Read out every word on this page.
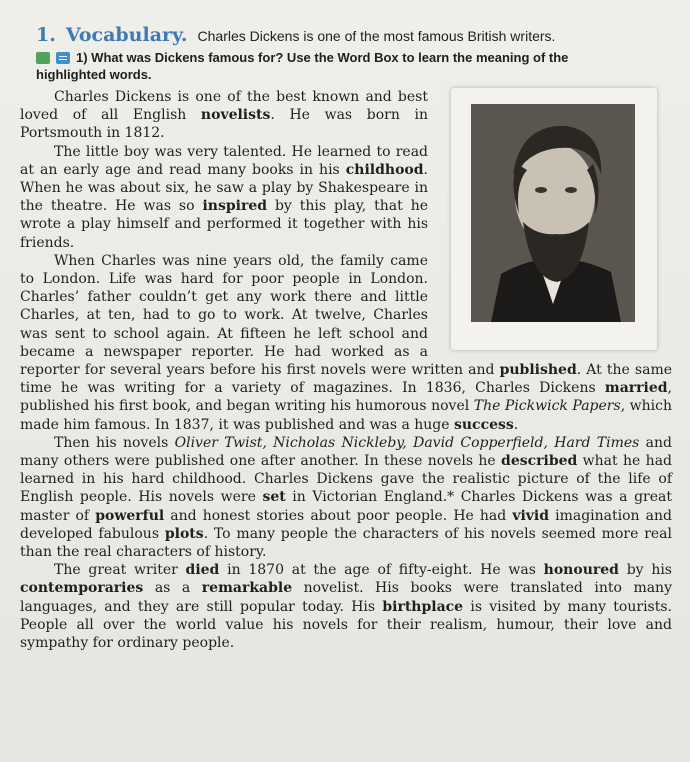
1. Vocabulary. Charles Dickens is one of the most famous British writers.
1) What was Dickens famous for? Use the Word Box to learn the meaning of the
highlighted words.

Charles Dickens is one of the best known and best loved of all English novelists. He was born in Portsmouth in 1812.

The little boy was very talented. He learned to read at an early age and read many books in his childhood. When he was about six, he saw a play by Shakespeare in the theatre. He was so inspired by this play, that he wrote a play himself and performed it together with his friends.

When Charles was nine years old, the family came to London. Life was hard for poor people in London. Charles’ father couldn’t get any work there and little Charles, at ten, had to go to work. At twelve, Charles was sent to school again. At fifteen he left school and became a newspaper reporter. He had worked as a reporter for several years before his first novels were written and published. At the same time he was writing for a variety of magazines. In 1836, Charles Dickens married, published his first book, and began writing his humorous novel The Pickwick Papers, which made him famous. In 1837, it was published and was a huge success.

Then his novels Oliver Twist, Nicholas Nickleby, David Copperfield, Hard Times and many others were published one after another. In these novels he described what he had learned in his hard childhood. Charles Dickens gave the realistic picture of the life of English people. His novels were set in Victorian England.* Charles Dickens was a great master of powerful and honest stories about poor people. He had vivid imagination and developed fabulous plots. To many people the characters of his novels seemed more real than the real characters of history.

The great writer died in 1870 at the age of fifty-eight. He was honoured by his contemporaries as a remarkable novelist. His books were translated into many languages, and they are still popular today. His birthplace is visited by many tourists. People all over the world value his novels for their realism, humour, their love and sympathy for ordinary people.
